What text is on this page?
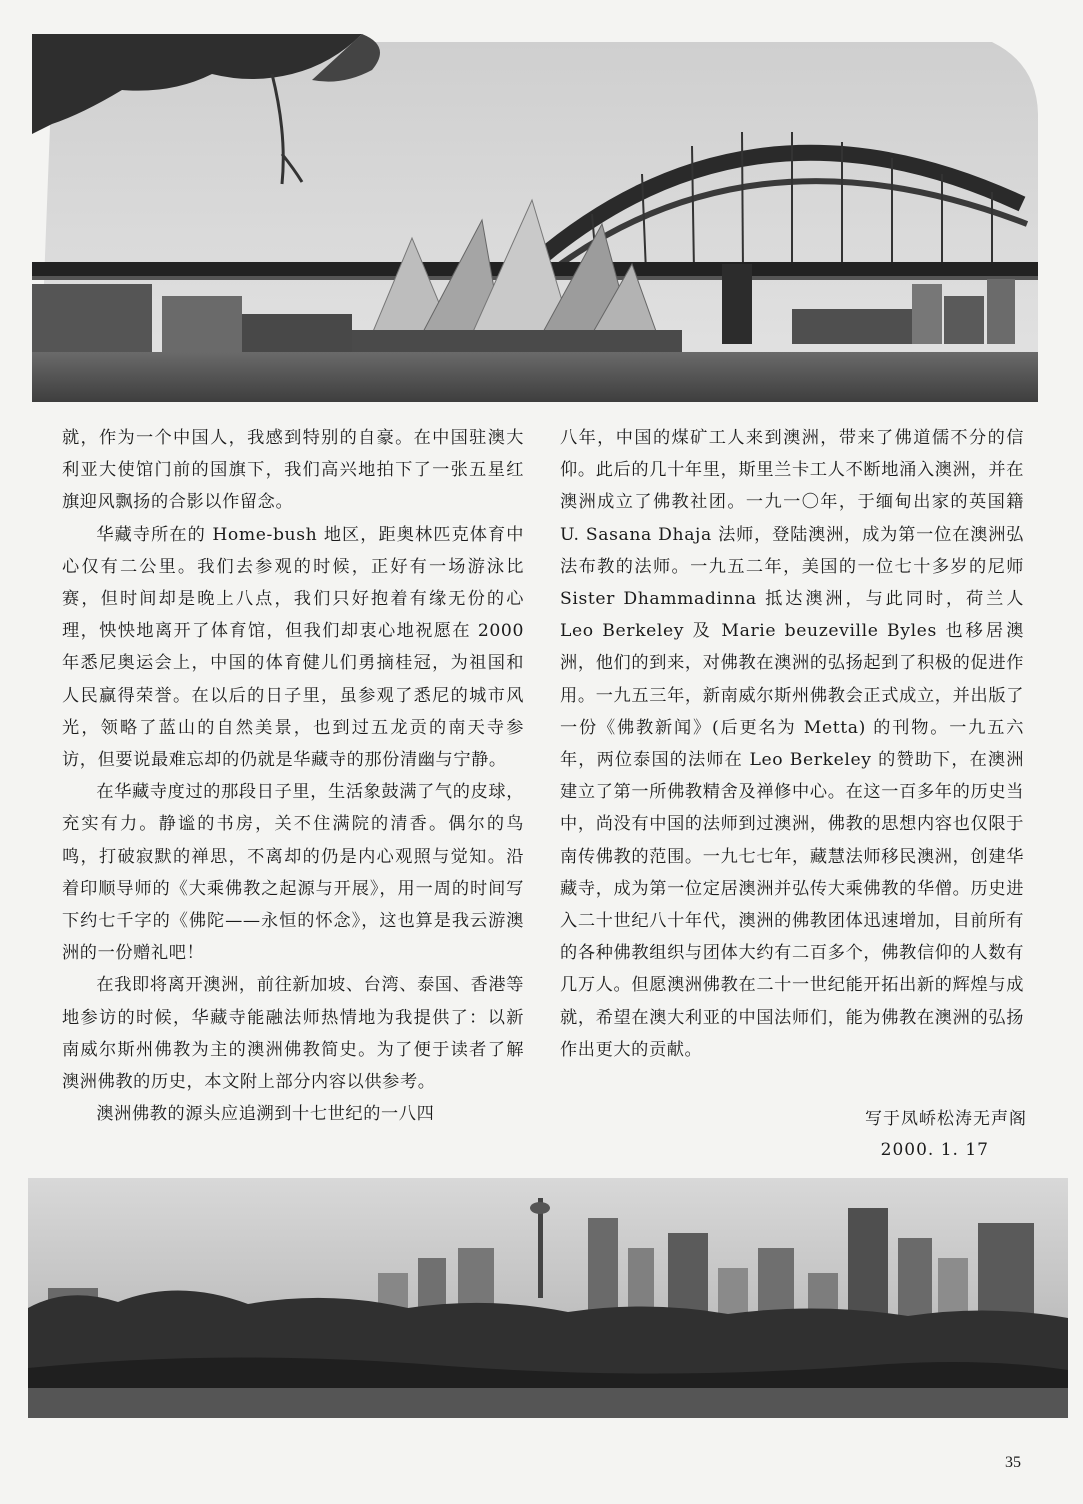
就，作为一个中国人，我感到特别的自豪。在中国驻澳大利亚大使馆门前的国旗下，我们高兴地拍下了一张五星红旗迎风飘扬的合影以作留念。

华藏寺所在的 Home-bush 地区，距奥林匹克体育中心仅有二公里。我们去参观的时候，正好有一场游泳比赛，但时间却是晚上八点，我们只好抱着有缘无份的心理，怏怏地离开了体育馆，但我们却衷心地祝愿在 2000 年悉尼奥运会上，中国的体育健儿们勇摘桂冠，为祖国和人民赢得荣誉。在以后的日子里，虽参观了悉尼的城市风光，领略了蓝山的自然美景，也到过五龙贡的南天寺参访，但要说最难忘却的仍就是华藏寺的那份清幽与宁静。

在华藏寺度过的那段日子里，生活象鼓满了气的皮球，充实有力。静谧的书房，关不住满院的清香。偶尔的鸟鸣，打破寂默的禅思，不离却的仍是内心观照与觉知。沿着印顺导师的《大乘佛教之起源与开展》，用一周的时间写下约七千字的《佛陀——永恒的怀念》，这也算是我云游澳洲的一份赠礼吧！

在我即将离开澳洲，前往新加坡、台湾、泰国、香港等地参访的时候，华藏寺能融法师热情地为我提供了：以新南威尔斯州佛教为主的澳洲佛教简史。为了便于读者了解澳洲佛教的历史，本文附上部分内容以供参考。

澳洲佛教的源头应追溯到十七世纪的一八四

八年，中国的煤矿工人来到澳洲，带来了佛道儒不分的信仰。此后的几十年里，斯里兰卡工人不断地涌入澳洲，并在澳洲成立了佛教社团。一九一〇年，于缅甸出家的英国籍 U. Sasana Dhaja 法师，登陆澳洲，成为第一位在澳洲弘法布教的法师。一九五二年，美国的一位七十多岁的尼师 Sister Dhammadinna 抵达澳洲，与此同时，荷兰人 Leo Berkeley 及 Marie beuzeville Byles 也移居澳洲，他们的到来，对佛教在澳洲的弘扬起到了积极的促进作用。一九五三年，新南威尔斯州佛教会正式成立，并出版了一份《佛教新闻》(后更名为 Metta) 的刊物。一九五六年，两位泰国的法师在 Leo Berkeley 的赞助下，在澳洲建立了第一所佛教精舍及禅修中心。在这一百多年的历史当中，尚没有中国的法师到过澳洲，佛教的思想内容也仅限于南传佛教的范围。一九七七年，藏慧法师移民澳洲，创建华藏寺，成为第一位定居澳洲并弘传大乘佛教的华僧。历史进入二十世纪八十年代，澳洲的佛教团体迅速增加，目前所有的各种佛教组织与团体大约有二百多个，佛教信仰的人数有几万人。但愿澳洲佛教在二十一世纪能开拓出新的辉煌与成就，希望在澳大利亚的中国法师们，能为佛教在澳洲的弘扬作出更大的贡献。

写于凤峤松涛无声阁
2000. 1. 17
35
